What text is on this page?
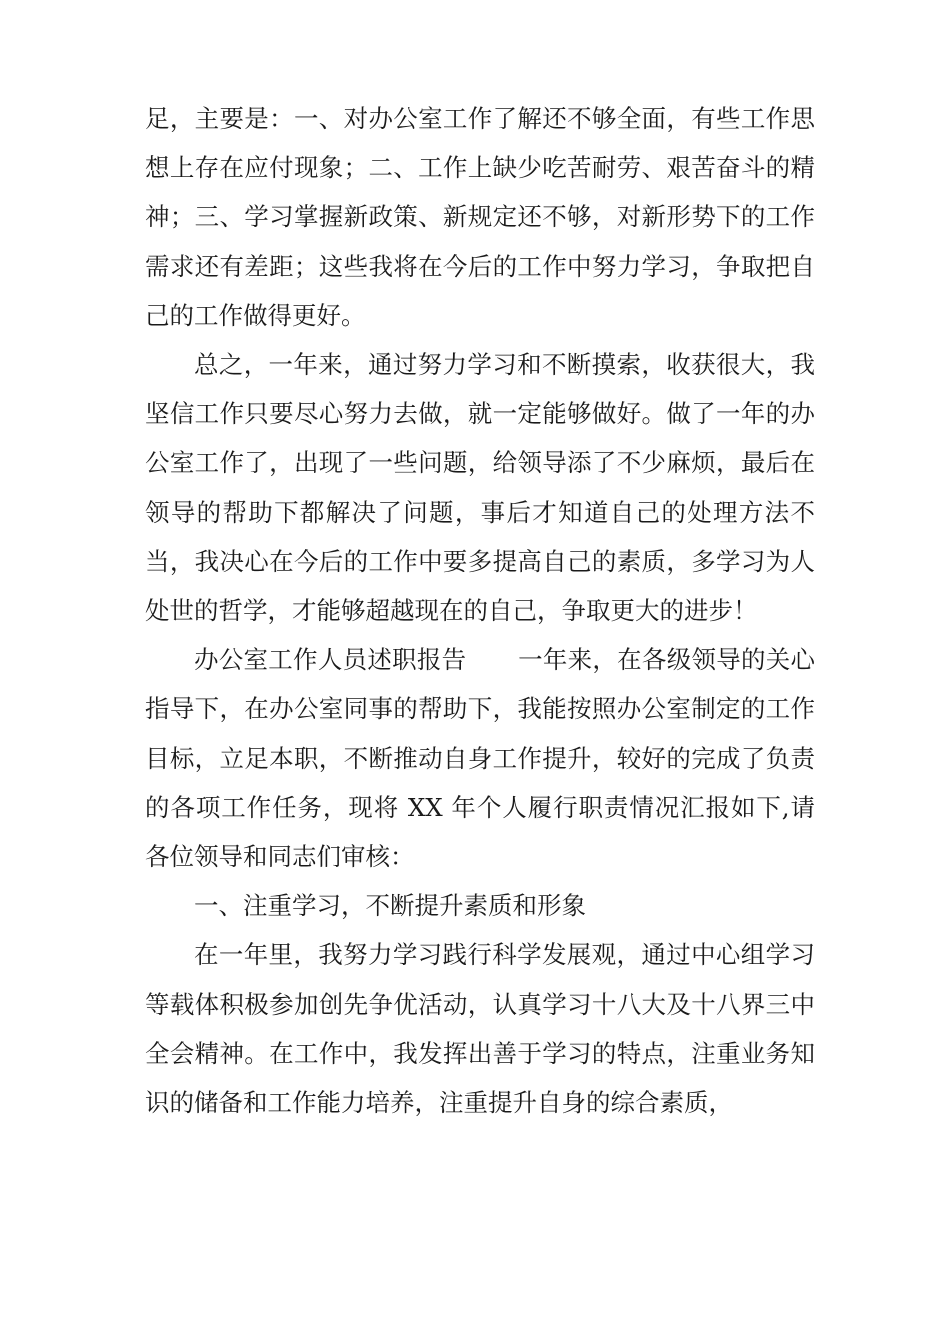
足，主要是：一、对办公室工作了解还不够全面，有些工作思想上存在应付现象；二、工作上缺少吃苦耐劳、艰苦奋斗的精神；三、学习掌握新政策、新规定还不够，对新形势下的工作需求还有差距；这些我将在今后的工作中努力学习，争取把自己的工作做得更好。

总之，一年来，通过努力学习和不断摸索，收获很大，我坚信工作只要尽心努力去做，就一定能够做好。做了一年的办公室工作了，出现了一些问题，给领导添了不少麻烦，最后在领导的帮助下都解决了问题，事后才知道自己的处理方法不当，我决心在今后的工作中要多提高自己的素质，多学习为人处世的哲学，才能够超越现在的自己，争取更大的进步！

办公室工作人员述职报告 一年来，在各级领导的关心指导下，在办公室同事的帮助下，我能按照办公室制定的工作目标，立足本职，不断推动自身工作提升，较好的完成了负责的各项工作任务，现将 XX 年个人履行职责情况汇报如下,请各位领导和同志们审核：

一、注重学习，不断提升素质和形象

在一年里，我努力学习践行科学发展观，通过中心组学习等载体积极参加创先争优活动，认真学习十八大及十八界三中全会精神。在工作中，我发挥出善于学习的特点，注重业务知识的储备和工作能力培养，注重提升自身的综合素质，
